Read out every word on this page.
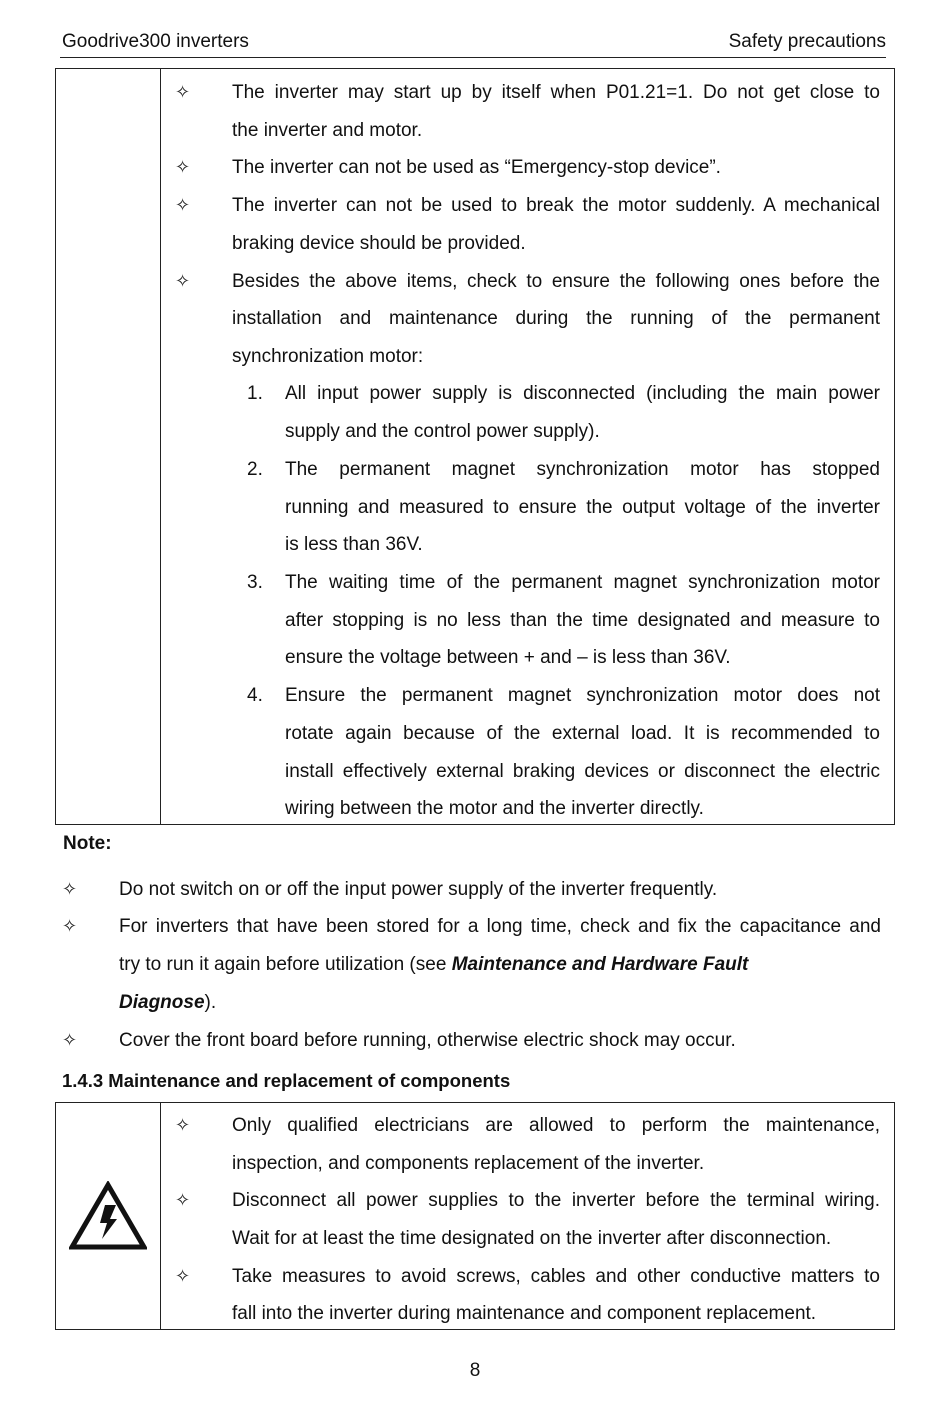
Goodrive300 inverters	Safety precautions
✧ The inverter may start up by itself when P01.21=1. Do not get close to
the inverter and motor.
✧ The inverter can not be used as “Emergency-stop device”.
✧ The inverter can not be used to break the motor suddenly. A mechanical
braking device should be provided.
✧ Besides the above items, check to ensure the following ones before the
installation and maintenance during the running of the permanent
synchronization motor:
1. All input power supply is disconnected (including the main power
supply and the control power supply).
2. The permanent magnet synchronization motor has stopped
running and measured to ensure the output voltage of the inverter
is less than 36V.
3. The waiting time of the permanent magnet synchronization motor
after stopping is no less than the time designated and measure to
ensure the voltage between + and – is less than 36V.
4. Ensure the permanent magnet synchronization motor does not
rotate again because of the external load. It is recommended to
install effectively external braking devices or disconnect the electric
wiring between the motor and the inverter directly.
Note:
✧ Do not switch on or off the input power supply of the inverter frequently.
✧ For inverters that have been stored for a long time, check and fix the capacitance and
try to run it again before utilization (see Maintenance and Hardware Fault
Diagnose).
✧ Cover the front board before running, otherwise electric shock may occur.
1.4.3 Maintenance and replacement of components
✧ Only qualified electricians are allowed to perform the maintenance,
inspection, and components replacement of the inverter.
✧ Disconnect all power supplies to the inverter before the terminal wiring.
Wait for at least the time designated on the inverter after disconnection.
✧ Take measures to avoid screws, cables and other conductive matters to
fall into the inverter during maintenance and component replacement.
8
